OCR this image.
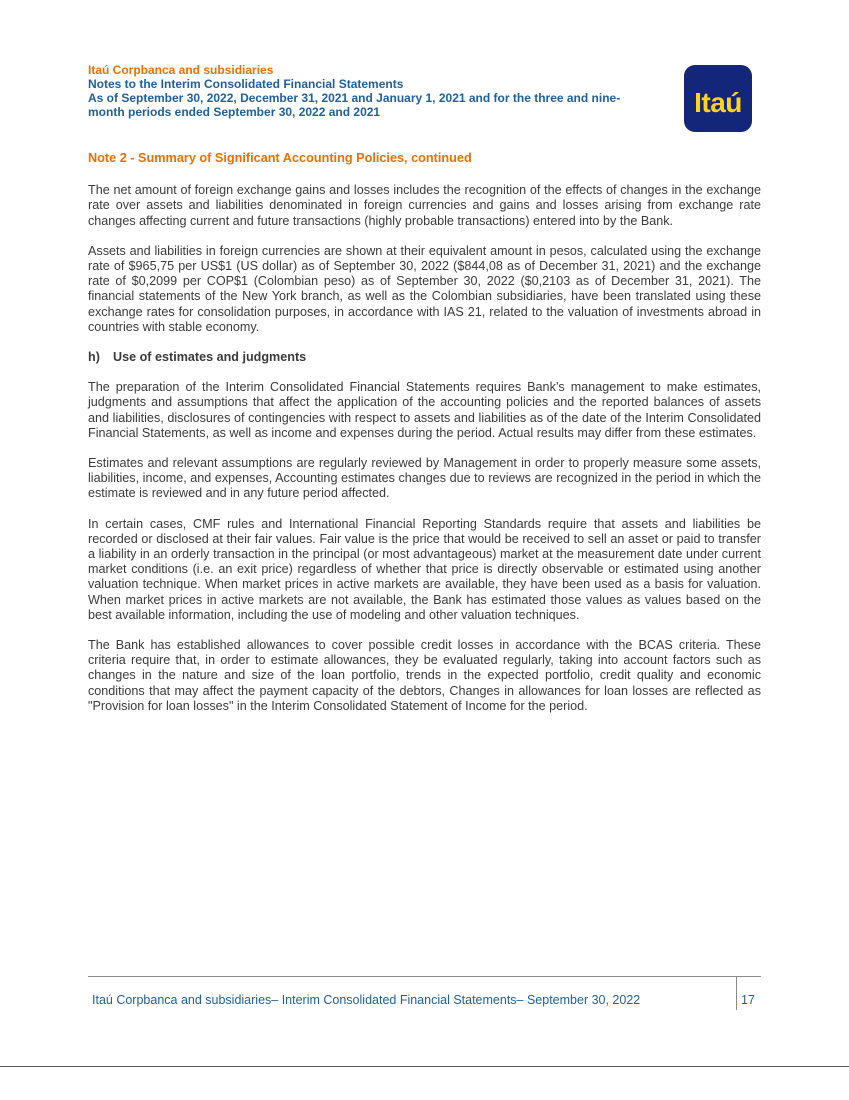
Itaú Corpbanca and subsidiaries
Notes to the Interim Consolidated Financial Statements
As of September 30, 2022, December 31, 2021 and January 1, 2021 and for the three and nine-
month periods ended September 30, 2022 and 2021	Itaú

Note 2 - Summary of Significant Accounting Policies, continued

The net amount of foreign exchange gains and losses includes the recognition of the effects of changes in the exchange rate over assets and liabilities denominated in foreign currencies and gains and losses arising from exchange rate changes affecting current and future transactions (highly probable transactions) entered into by the Bank.

Assets and liabilities in foreign currencies are shown at their equivalent amount in pesos, calculated using the exchange rate of $965,75 per US$1 (US dollar) as of September 30, 2022 ($844,08 as of December 31, 2021) and the exchange rate of $0,2099 per COP$1 (Colombian peso) as of September 30, 2022 ($0,2103 as of December 31, 2021). The financial statements of the New York branch, as well as the Colombian subsidiaries, have been translated using these exchange rates for consolidation purposes, in accordance with IAS 21, related to the valuation of investments abroad in countries with stable economy.

h) Use of estimates and judgments

The preparation of the Interim Consolidated Financial Statements requires Bank’s management to make estimates, judgments and assumptions that affect the application of the accounting policies and the reported balances of assets and liabilities, disclosures of contingencies with respect to assets and liabilities as of the date of the Interim Consolidated Financial Statements, as well as income and expenses during the period. Actual results may differ from these estimates.

Estimates and relevant assumptions are regularly reviewed by Management in order to properly measure some assets, liabilities, income, and expenses, Accounting estimates changes due to reviews are recognized in the period in which the estimate is reviewed and in any future period affected.

In certain cases, CMF rules and International Financial Reporting Standards require that assets and liabilities be recorded or disclosed at their fair values. Fair value is the price that would be received to sell an asset or paid to transfer a liability in an orderly transaction in the principal (or most advantageous) market at the measurement date under current market conditions (i.e. an exit price) regardless of whether that price is directly observable or estimated using another valuation technique. When market prices in active markets are available, they have been used as a basis for valuation. When market prices in active markets are not available, the Bank has estimated those values as values based on the best available information, including the use of modeling and other valuation techniques.

The Bank has established allowances to cover possible credit losses in accordance with the BCAS criteria. These criteria require that, in order to estimate allowances, they be evaluated regularly, taking into account factors such as changes in the nature and size of the loan portfolio, trends in the expected portfolio, credit quality and economic conditions that may affect the payment capacity of the debtors, Changes in allowances for loan losses are reflected as "Provision for loan losses" in the Interim Consolidated Statement of Income for the period.

Itaú Corpbanca and subsidiaries– Interim Consolidated Financial Statements– September 30, 2022	17
